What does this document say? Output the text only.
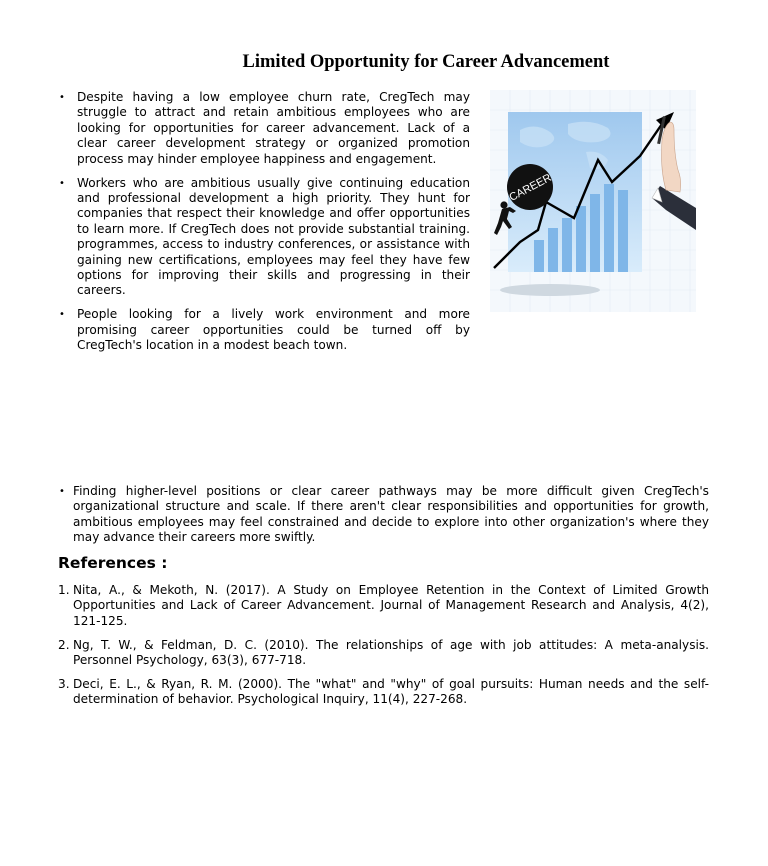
Limited Opportunity for Career Advancement
• Despite having a low employee churn rate, CregTech may struggle to attract and retain ambitious employees who are looking for opportunities for career advancement. Lack of a clear career development strategy or organized promotion process may hinder employee happiness and engagement.
• Workers who are ambitious usually give continuing education and professional development a high priority. They hunt for companies that respect their knowledge and offer opportunities to learn more. If CregTech does not provide substantial training. programmes, access to industry conferences, or assistance with gaining new certifications, employees may feel they have few options for improving their skills and progressing in their careers.
• People looking for a lively work environment and more promising career opportunities could be turned off by CregTech's location in a modest beach town.
CAREER
• Finding higher-level positions or clear career pathways may be more difficult given CregTech's organizational structure and scale. If there aren't clear responsibilities and opportunities for growth, ambitious employees may feel constrained and decide to explore into other organization's where they may advance their careers more swiftly.
References :
1. Nita, A., & Mekoth, N. (2017). A Study on Employee Retention in the Context of Limited Growth Opportunities and Lack of Career Advancement. Journal of Management Research and Analysis, 4(2), 121-125.
2. Ng, T. W., & Feldman, D. C. (2010). The relationships of age with job attitudes: A meta-analysis. Personnel Psychology, 63(3), 677-718.
3. Deci, E. L., & Ryan, R. M. (2000). The "what" and "why" of goal pursuits: Human needs and the self-determination of behavior. Psychological Inquiry, 11(4), 227-268.
